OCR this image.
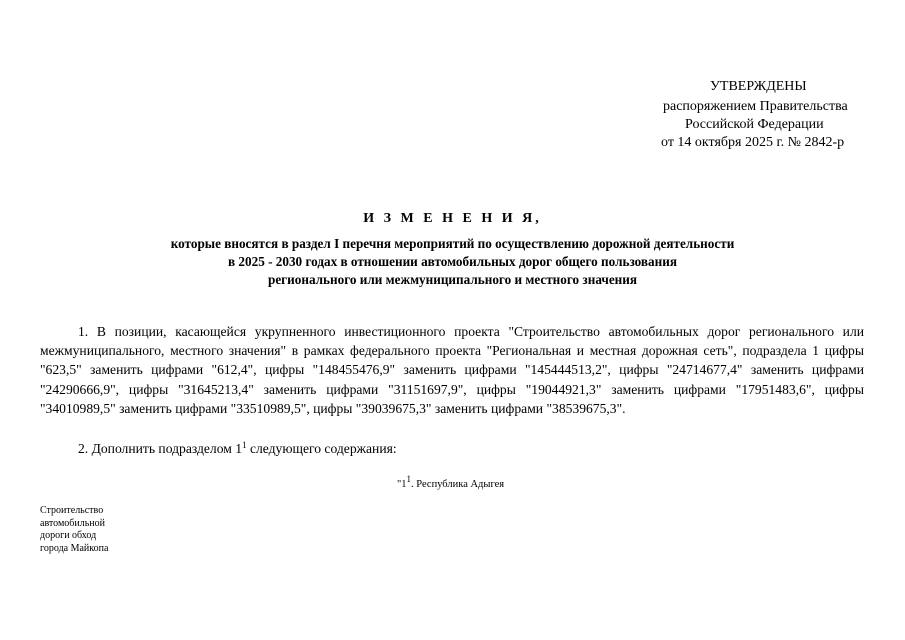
УТВЕРЖДЕНЫ
распоряжением Правительства
Российской Федерации
от 14 октября 2025 г. № 2842-р
И З М Е Н Е Н И Я,
которые вносятся в раздел I перечня мероприятий по осуществлению дорожной деятельности
в 2025 - 2030 годах в отношении автомобильных дорог общего пользования
регионального или межмуниципального и местного значения
1. В позиции, касающейся укрупненного инвестиционного проекта "Строительство автомобильных дорог регионального или межмуниципального, местного значения" в рамках федерального проекта "Региональная и местная дорожная сеть", подраздела 1 цифры "623,5" заменить цифрами "612,4", цифры "148455476,9" заменить цифрами "145444513,2", цифры "24714677,4" заменить цифрами "24290666,9", цифры "31645213,4" заменить цифрами "31151697,9", цифры "19044921,3" заменить цифрами "17951483,6", цифры "34010989,5" заменить цифрами "33510989,5", цифры "39039675,3" заменить цифрами "38539675,3".
2. Дополнить подразделом $1^1$ следующего содержания:
"$1^1$. Республика Адыгея
Строительство
автомобильной
дороги обход
города Майкопа
